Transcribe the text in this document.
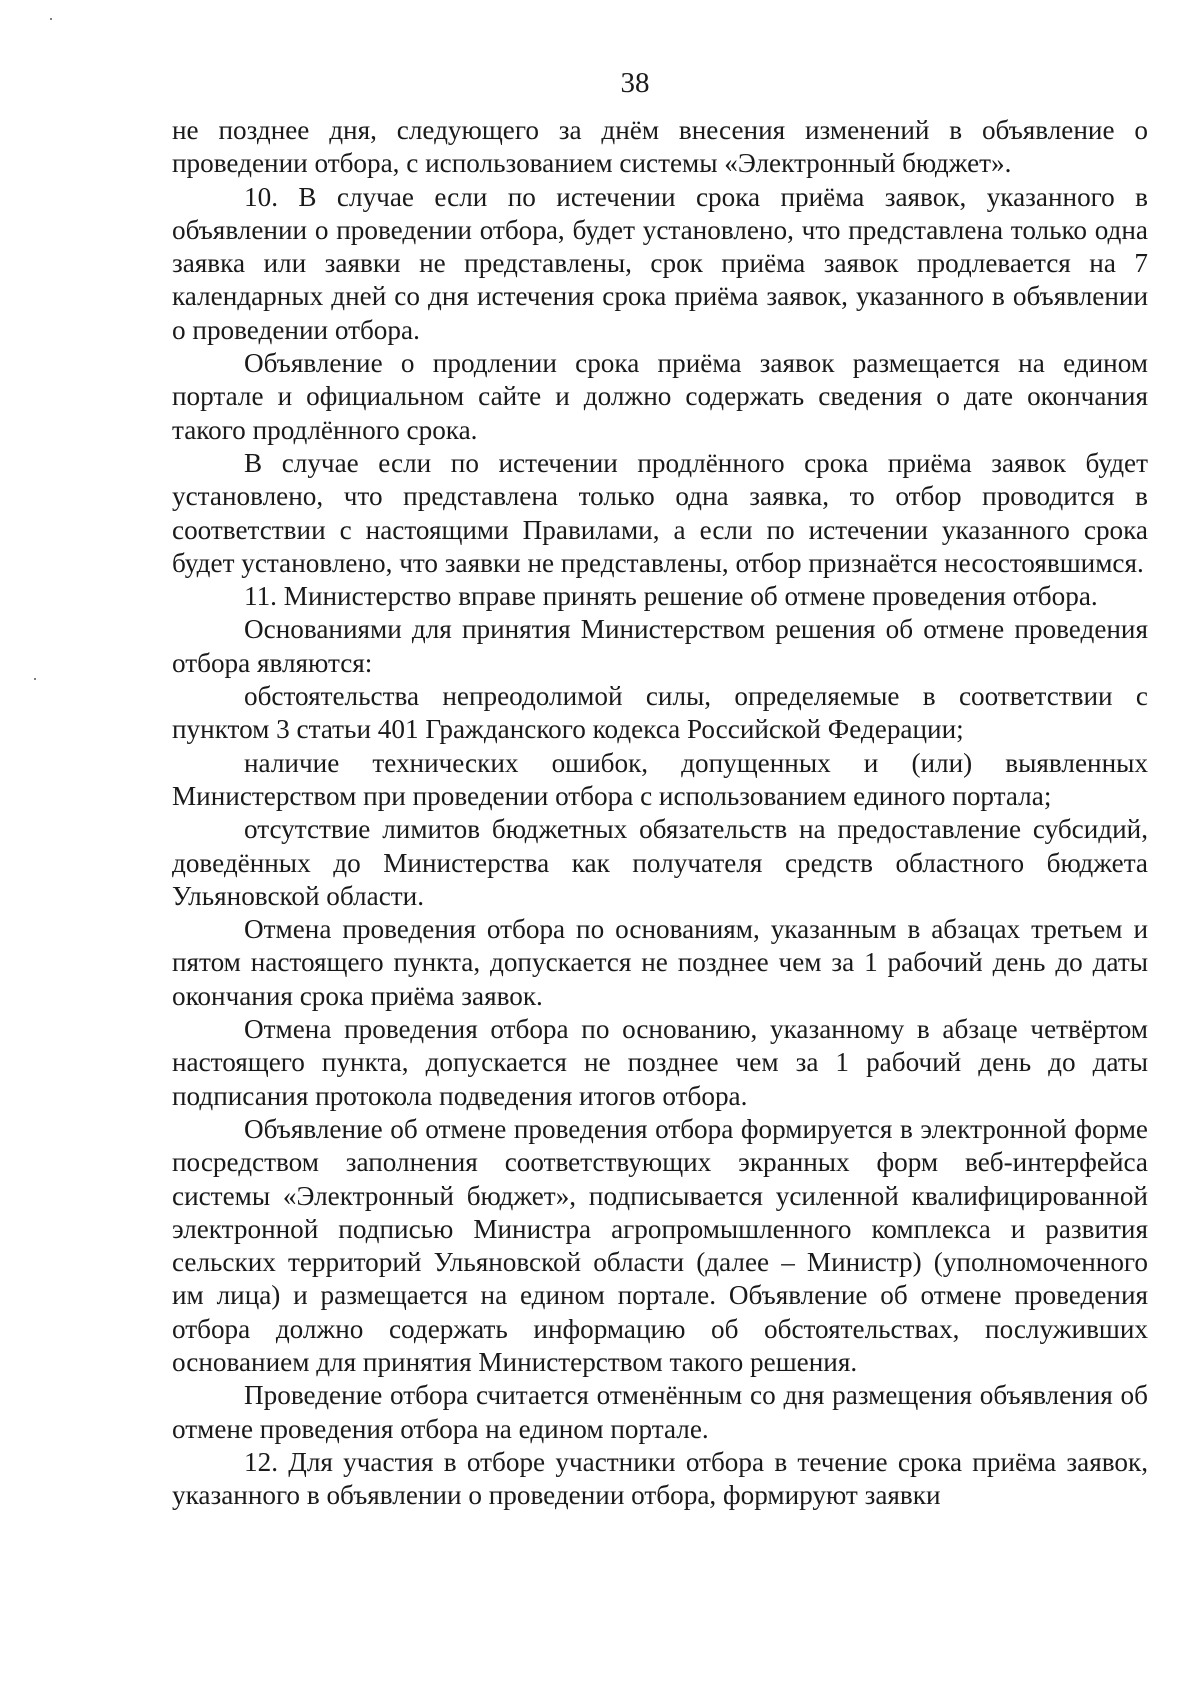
38

не позднее дня, следующего за днём внесения изменений в объявление о проведении отбора, с использованием системы «Электронный бюджет».

10. В случае если по истечении срока приёма заявок, указанного в объявлении о проведении отбора, будет установлено, что представлена только одна заявка или заявки не представлены, срок приёма заявок продлевается на 7 календарных дней со дня истечения срока приёма заявок, указанного в объявлении о проведении отбора.

Объявление о продлении срока приёма заявок размещается на едином портале и официальном сайте и должно содержать сведения о дате окончания такого продлённого срока.

В случае если по истечении продлённого срока приёма заявок будет установлено, что представлена только одна заявка, то отбор проводится в соответствии с настоящими Правилами, а если по истечении указанного срока будет установлено, что заявки не представлены, отбор признаётся несостоявшимся.

11. Министерство вправе принять решение об отмене проведения отбора.

Основаниями для принятия Министерством решения об отмене проведения отбора являются:

обстоятельства непреодолимой силы, определяемые в соответствии с пунктом 3 статьи 401 Гражданского кодекса Российской Федерации;

наличие технических ошибок, допущенных и (или) выявленных Министерством при проведении отбора с использованием единого портала;

отсутствие лимитов бюджетных обязательств на предоставление субсидий, доведённых до Министерства как получателя средств областного бюджета Ульяновской области.

Отмена проведения отбора по основаниям, указанным в абзацах третьем и пятом настоящего пункта, допускается не позднее чем за 1 рабочий день до даты окончания срока приёма заявок.

Отмена проведения отбора по основанию, указанному в абзаце четвёртом настоящего пункта, допускается не позднее чем за 1 рабочий день до даты подписания протокола подведения итогов отбора.

Объявление об отмене проведения отбора формируется в электронной форме посредством заполнения соответствующих экранных форм веб-интерфейса системы «Электронный бюджет», подписывается усиленной квалифицированной электронной подписью Министра агропромышленного комплекса и развития сельских территорий Ульяновской области (далее – Министр) (уполномоченного им лица) и размещается на едином портале. Объявление об отмене проведения отбора должно содержать информацию об обстоятельствах, послуживших основанием для принятия Министерством такого решения.

Проведение отбора считается отменённым со дня размещения объявления об отмене проведения отбора на едином портале.

12. Для участия в отборе участники отбора в течение срока приёма заявок, указанного в объявлении о проведении отбора, формируют заявки
